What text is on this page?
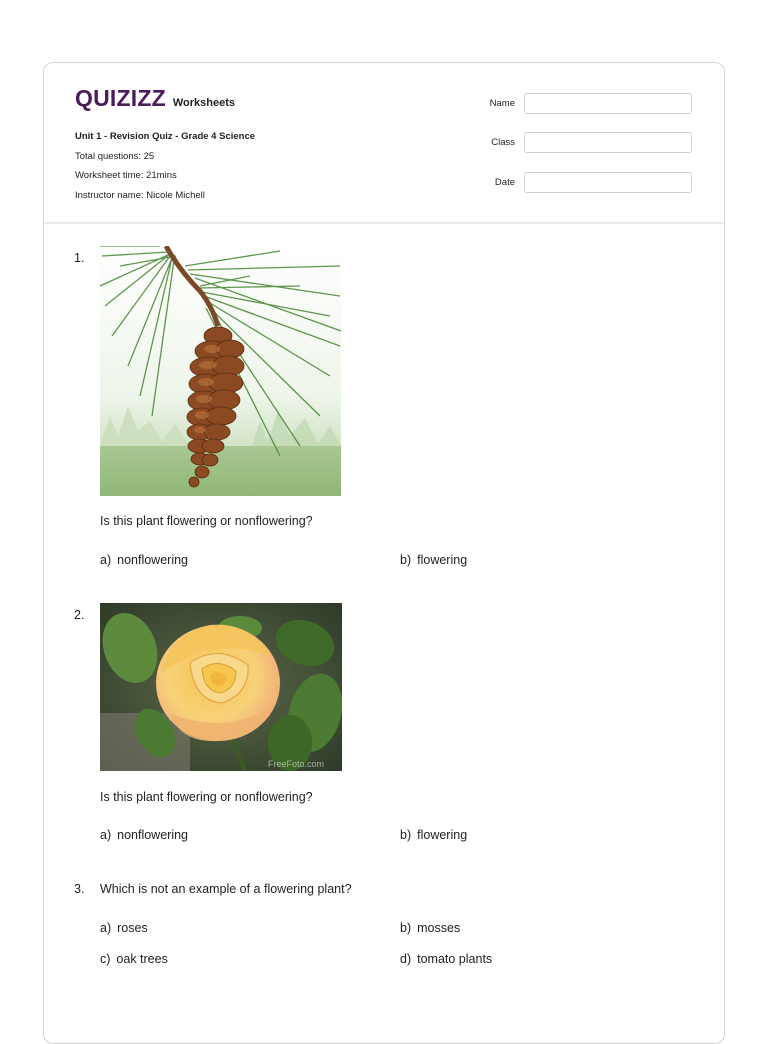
QUIZIZZ Worksheets
Unit 1 - Revision Quiz - Grade 4 Science
Total questions: 25
Worksheet time: 21mins
Instructor name: Nicole Michell
Name
Class
Date
1.
Is this plant flowering or nonflowering?
a) nonflowering	b) flowering
2.
FreeFoto.com
Is this plant flowering or nonflowering?
a) nonflowering	b) flowering
3. Which is not an example of a flowering plant?
a) roses	b) mosses
c) oak trees	d) tomato plants
